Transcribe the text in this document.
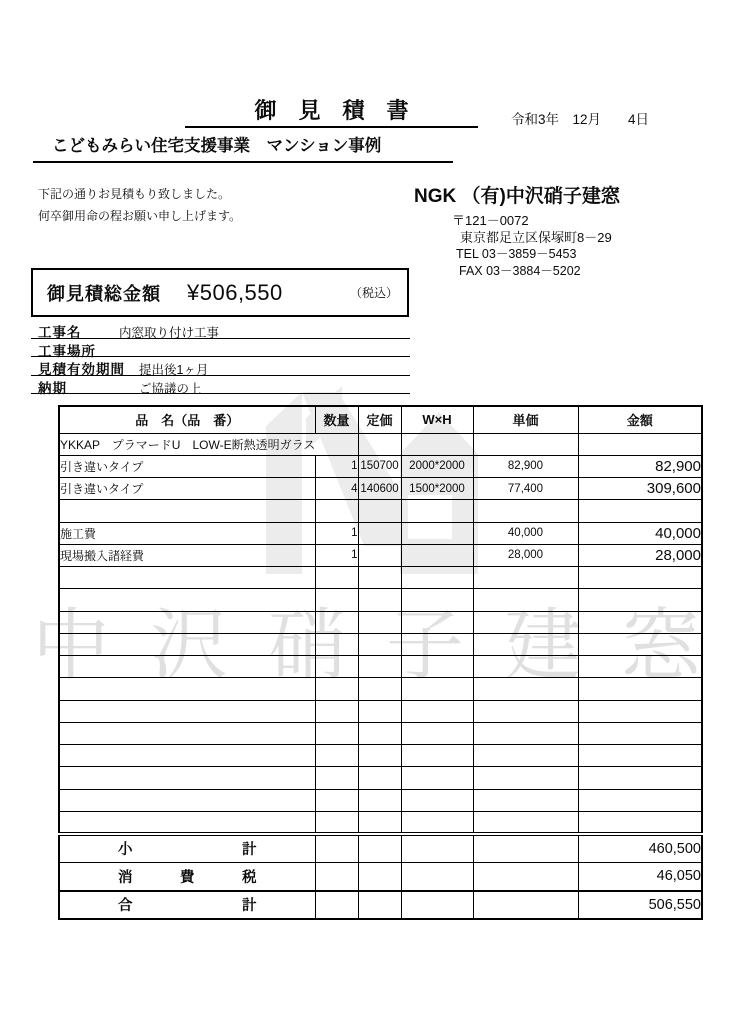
中 沢 硝 子 建 窓
御　見　積　書	令和3年　12月　　4日
こどもみらい住宅支援事業　マンション事例
下記の通りお見積もり致しました。
何卒御用命の程お願い申し上げます。
NGK （有)中沢硝子建窓
〒121－0072
東京都足立区保塚町8－29
TEL 03－3859－5453
FAX 03－3884－5202
御見積総金額 ¥506,550	（税込）
工事名	内窓取り付け工事
工事場所
見積有効期間 提出後1ヶ月
納期	ご協議の上
品　名（品　番）	数量	定価	W×H	単価	金額
YKKAP　プラマードU　LOW-E断熱透明ガラス					
引き違いタイプ	1	150700	2000*2000	82,900	82,900
引き違いタイプ	4	140600	1500*2000	77,400	309,600

施工費	1			40,000	40,000
現場搬入諸経費	1			28,000	28,000

小 計					460,500

消 費 税					46,050

合 計					506,550
